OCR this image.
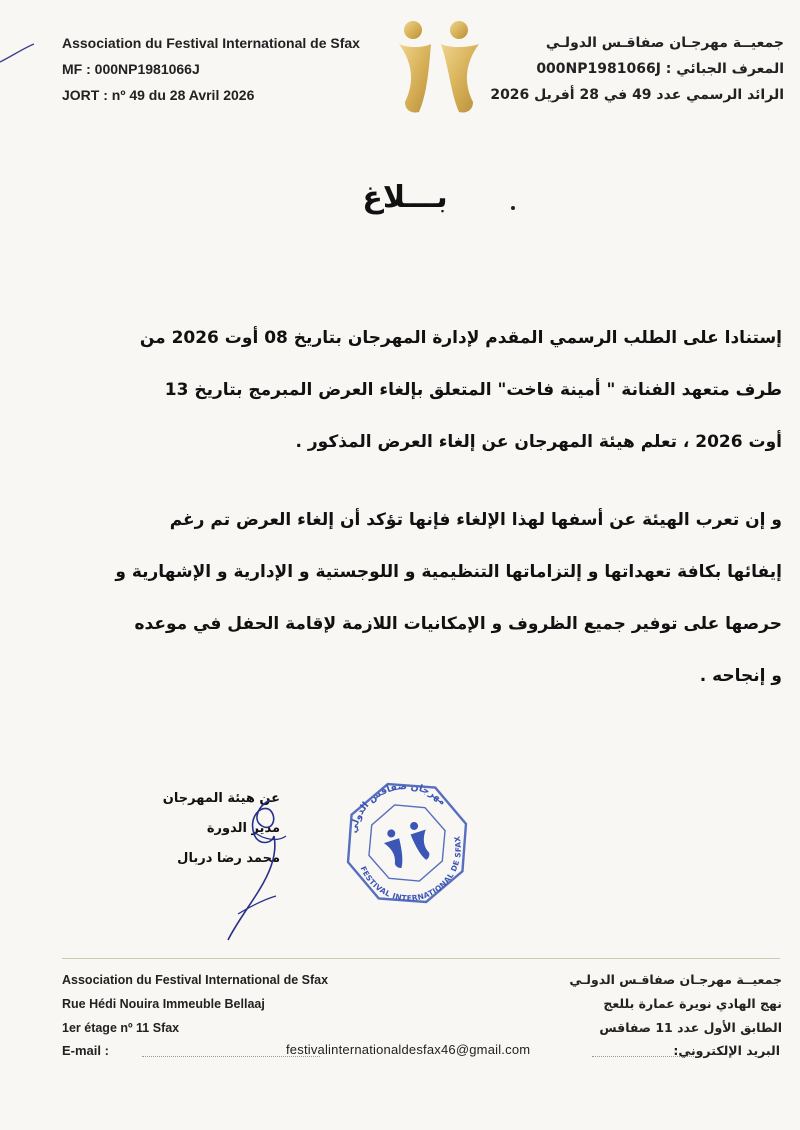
Association du Festival International de Sfax
MF : 000NP1981066J
JORT : nº 49 du 28 Avril 2026
جمعيــة مهرجـان صفاقـس الدولـي
المعرف الجبائي : 000NP1981066J
الرائد الرسمي عدد 49 في 28 أفريل 2026
بـــلاغ
إستنادا على الطلب الرسمي المقدم لإدارة المهرجان بتاريخ 08 أوت 2026 من
طرف متعهد الفنانة " أمينة فاخت" المتعلق بإلغاء العرض المبرمج بتاريخ 13
أوت 2026 ، تعلم هيئة المهرجان عن إلغاء العرض المذكور .
و إن تعرب الهيئة عن أسفها لهذا الإلغاء فإنها تؤكد أن إلغاء العرض تم رغم
إيفائها بكافة تعهداتها و إلتزاماتها التنظيمية و اللوجستية و الإدارية و الإشهارية و
حرصها على توفير جميع الظروف و الإمكانيات اللازمة لإقامة الحفل في موعده
و إنجاحه .
عن هيئة المهرجان
مدير الدورة
محمد رضا دربال
مهرجان صفاقس الدولي
FESTIVAL INTERNATIONAL DE SFAX
Association du Festival International de Sfax
Rue Hédi Nouira Immeuble Bellaaj
1er étage nº 11 Sfax
جمعيــة مهرجـان صفاقـس الدولـي
نهج الهادي نويرة عمارة بللعج
الطابق الأول عدد 11 صفاقس
E-mail :	festivalinternationaldesfax46@gmail.com	البريد الإلكتروني:
